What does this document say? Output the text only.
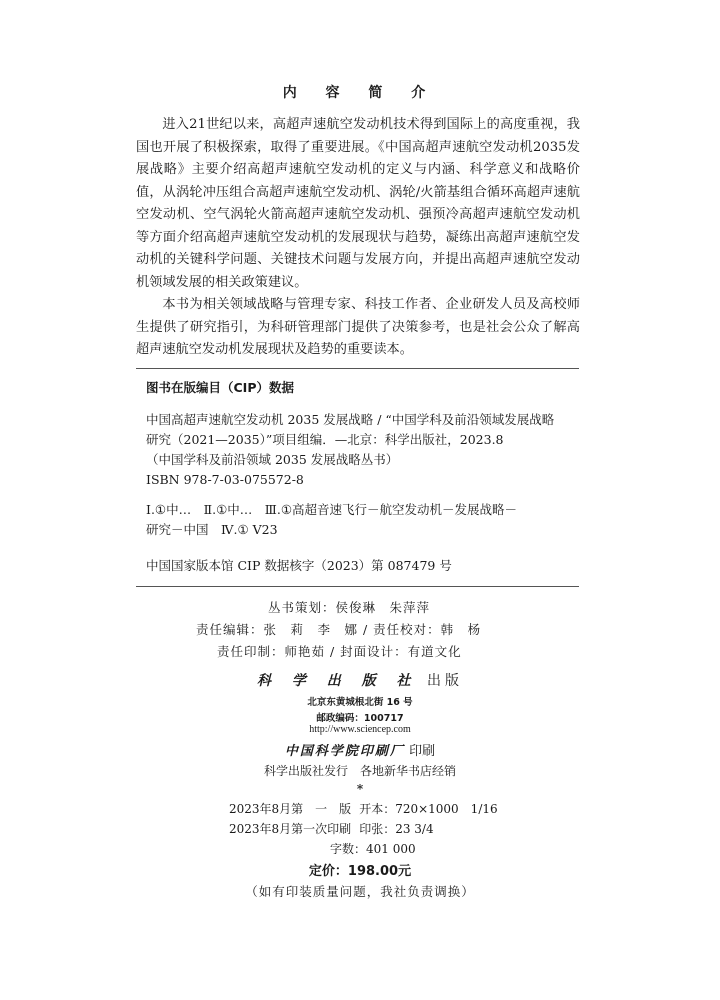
内 容 简 介

进入21世纪以来，高超声速航空发动机技术得到国际上的高度重视，我国也开展了积极探索，取得了重要进展。《中国高超声速航空发动机2035发展战略》主要介绍高超声速航空发动机的定义与内涵、科学意义和战略价值，从涡轮冲压组合高超声速航空发动机、涡轮/火箭基组合循环高超声速航空发动机、空气涡轮火箭高超声速航空发动机、强预冷高超声速航空发动机等方面介绍高超声速航空发动机的发展现状与趋势，凝练出高超声速航空发动机的关键科学问题、关键技术问题与发展方向，并提出高超声速航空发动机领域发展的相关政策建议。

本书为相关领域战略与管理专家、科技工作者、企业研发人员及高校师生提供了研究指引，为科研管理部门提供了决策参考，也是社会公众了解高超声速航空发动机发展现状及趋势的重要读本。

图书在版编目（CIP）数据
中国高超声速航空发动机 2035 发展战略 / “中国学科及前沿领域发展战略
研究（2021—2035）”项目组编．—北京：科学出版社，2023.8
（中国学科及前沿领域 2035 发展战略丛书）
ISBN 978-7-03-075572-8
Ⅰ.①中…　Ⅱ.①中…　Ⅲ.①高超音速飞行－航空发动机－发展战略－
研究－中国　Ⅳ.① V23
中国国家版本馆 CIP 数据核字（2023）第 087479 号
丛书策划：侯俊琳　朱萍萍
责任编辑：张　莉　李　娜 / 责任校对：韩　杨
责任印制：师艳茹 / 封面设计：有道文化
科 学 出 版 社 出版
北京东黄城根北街 16 号
邮政编码：100717
http://www.sciencep.com
中国科学院印刷厂 印刷
科学出版社发行　各地新华书店经销
*
2023年8月第　一　版 开本：720×1000　1/16
2023年8月第一次印刷 印张：23 3/4
字数：401 000
定价：198.00元
（如有印装质量问题，我社负责调换）
